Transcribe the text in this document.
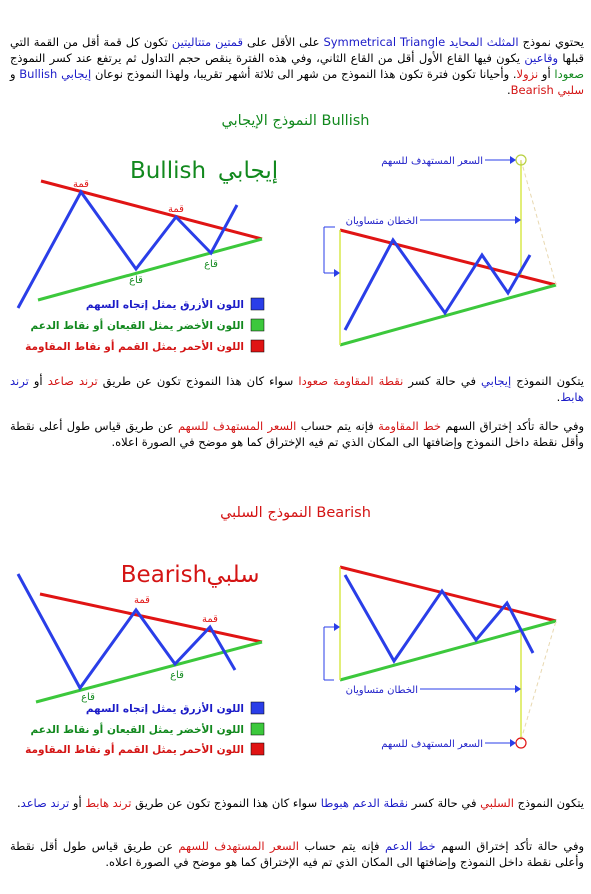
يحتوي نموذج المثلث المحايد Symmetrical Triangle على الأقل على قمتين متتاليتين تكون كل قمة أقل من القمة التي قبلها وقاعين يكون فيها القاع الأول أقل من القاع الثاني، وفي هذه الفترة ينقص حجم التداول ثم يرتفع عند كسر النموذج صعودا أو نزولا. وأحيانا تكون فترة تكون هذا النموذج من شهر الى ثلاثة أشهر تقريبا، ولهذا النموذج نوعان إيجابي Bullish و سلبي Bearish.
النموذج الإيجابي Bullish
إيجابي
Bullish
قمة
قمة
قاع
قاع
اللون الأزرق يمثل إتجاه السهم
اللون الأخضر يمثل القيعان أو نقاط الدعم
اللون الأحمر يمثل القمم أو نقاط المقاومة
الخطان متساويان
السعر المستهدف للسهم
يتكون النموذج إيجابي في حالة كسر نقطة المقاومة صعودا سواء كان هذا النموذج تكون عن طريق ترند صاعد أو ترند هابط.
وفي حالة تأكد إختراق السهم خط المقاومة فإنه يتم حساب السعر المستهدف للسهم عن طريق قياس طول أعلى نقطة وأقل نقطة داخل النموذج وإضافتها الى المكان الذي تم فيه الإختراق كما هو موضح في الصورة اعلاه.
النموذج السلبي Bearish
سلبي
Bearish
قمة
قمة
قاع
قاع
اللون الأزرق يمثل إتجاه السهم
اللون الأخضر يمثل القيعان أو نقاط الدعم
اللون الأحمر يمثل القمم أو نقاط المقاومة
الخطان متساويان
السعر المستهدف للسهم
يتكون النموذج السلبي في حالة كسر نقطة الدعم هبوطا سواء كان هذا النموذج تكون عن طريق ترند هابط أو ترند صاعد.
وفي حالة تأكد إختراق السهم خط الدعم فإنه يتم حساب السعر المستهدف للسهم عن طريق قياس طول أقل نقطة وأعلى نقطة داخل النموذج وإضافتها الى المكان الذي تم فيه الإختراق كما هو موضح في الصورة اعلاه.
